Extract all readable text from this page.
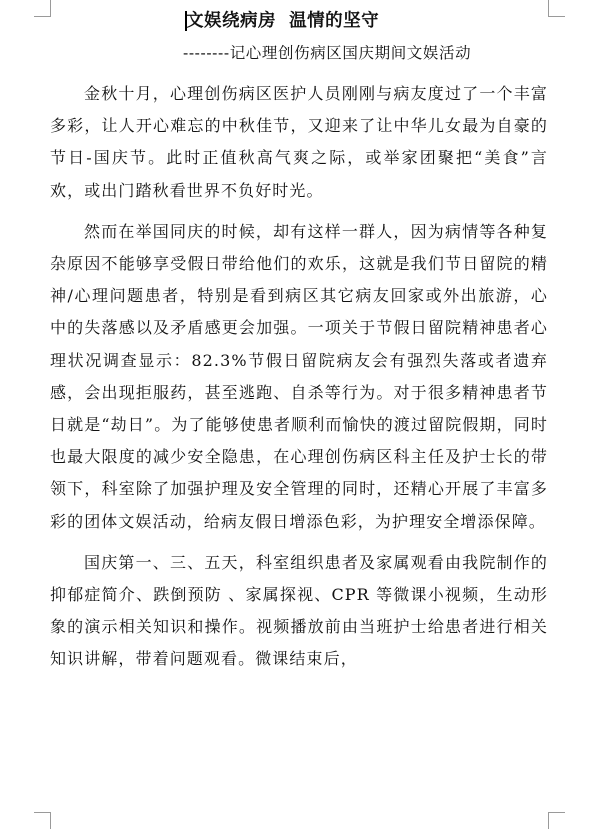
文娱绕病房  温情的坚守
--------记心理创伤病区国庆期间文娱活动

金秋十月，心理创伤病区医护人员刚刚与病友度过了一个丰富多彩，让人开心难忘的中秋佳节，又迎来了让中华儿女最为自豪的节日-国庆节。此时正值秋高气爽之际，或举家团聚把“美食”言欢，或出门踏秋看世界不负好时光。

然而在举国同庆的时候，却有这样一群人，因为病情等各种复杂原因不能够享受假日带给他们的欢乐，这就是我们节日留院的精神/心理问题患者，特别是看到病区其它病友回家或外出旅游，心中的失落感以及矛盾感更会加强。一项关于节假日留院精神患者心理状况调查显示：82.3%节假日留院病友会有强烈失落或者遗弃感，会出现拒服药，甚至逃跑、自杀等行为。对于很多精神患者节日就是“劫日”。为了能够使患者顺利而愉快的渡过留院假期，同时也最大限度的减少安全隐患，在心理创伤病区科主任及护士长的带领下，科室除了加强护理及安全管理的同时，还精心开展了丰富多彩的团体文娱活动，给病友假日增添色彩，为护理安全增添保障。

国庆第一、三、五天，科室组织患者及家属观看由我院制作的抑郁症简介、跌倒预防 、家属探视、CPR 等微课小视频，生动形象的演示相关知识和操作。视频播放前由当班护士给患者进行相关知识讲解，带着问题观看。微课结束后，
